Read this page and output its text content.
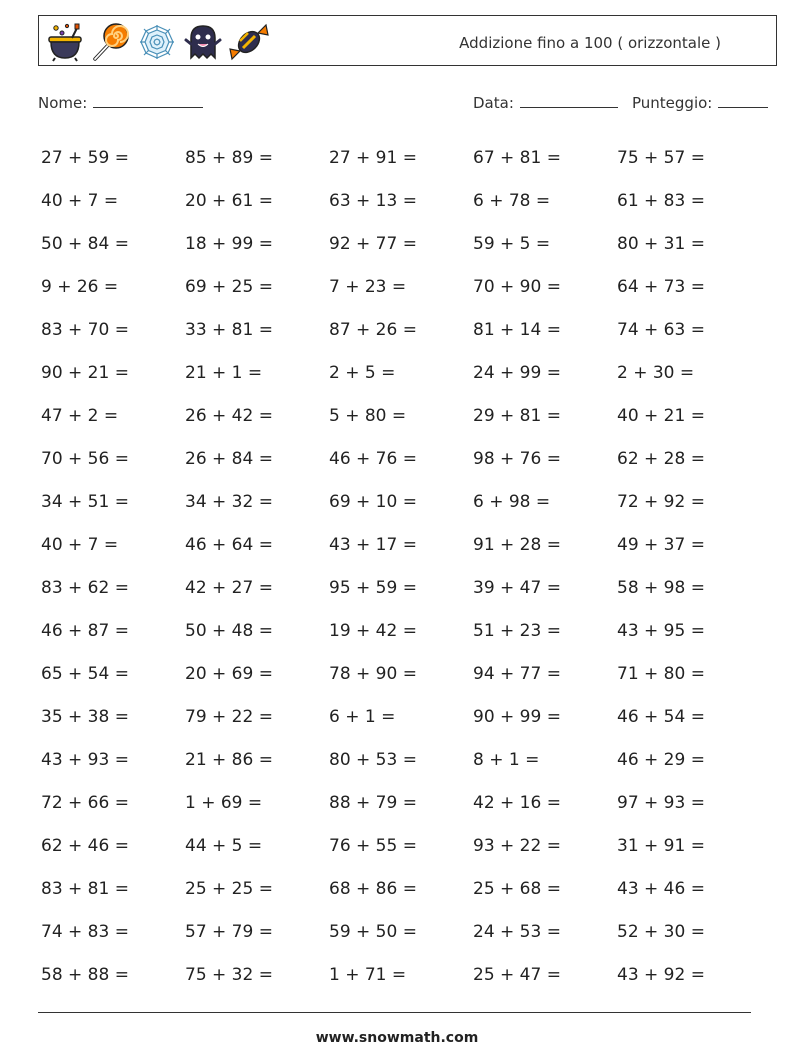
Addizione fino a 100 ( orizzontale )
Nome:	Data:	Punteggio:
27 + 59 =	85 + 89 =	27 + 91 =	67 + 81 =	75 + 57 =
40 + 7 =	20 + 61 =	63 + 13 =	6 + 78 =	61 + 83 =
50 + 84 =	18 + 99 =	92 + 77 =	59 + 5 =	80 + 31 =
9 + 26 =	69 + 25 =	7 + 23 =	70 + 90 =	64 + 73 =
83 + 70 =	33 + 81 =	87 + 26 =	81 + 14 =	74 + 63 =
90 + 21 =	21 + 1 =	2 + 5 =	24 + 99 =	2 + 30 =
47 + 2 =	26 + 42 =	5 + 80 =	29 + 81 =	40 + 21 =
70 + 56 =	26 + 84 =	46 + 76 =	98 + 76 =	62 + 28 =
34 + 51 =	34 + 32 =	69 + 10 =	6 + 98 =	72 + 92 =
40 + 7 =	46 + 64 =	43 + 17 =	91 + 28 =	49 + 37 =
83 + 62 =	42 + 27 =	95 + 59 =	39 + 47 =	58 + 98 =
46 + 87 =	50 + 48 =	19 + 42 =	51 + 23 =	43 + 95 =
65 + 54 =	20 + 69 =	78 + 90 =	94 + 77 =	71 + 80 =
35 + 38 =	79 + 22 =	6 + 1 =	90 + 99 =	46 + 54 =
43 + 93 =	21 + 86 =	80 + 53 =	8 + 1 =	46 + 29 =
72 + 66 =	1 + 69 =	88 + 79 =	42 + 16 =	97 + 93 =
62 + 46 =	44 + 5 =	76 + 55 =	93 + 22 =	31 + 91 =
83 + 81 =	25 + 25 =	68 + 86 =	25 + 68 =	43 + 46 =
74 + 83 =	57 + 79 =	59 + 50 =	24 + 53 =	52 + 30 =
58 + 88 =	75 + 32 =	1 + 71 =	25 + 47 =	43 + 92 =
www.snowmath.com
